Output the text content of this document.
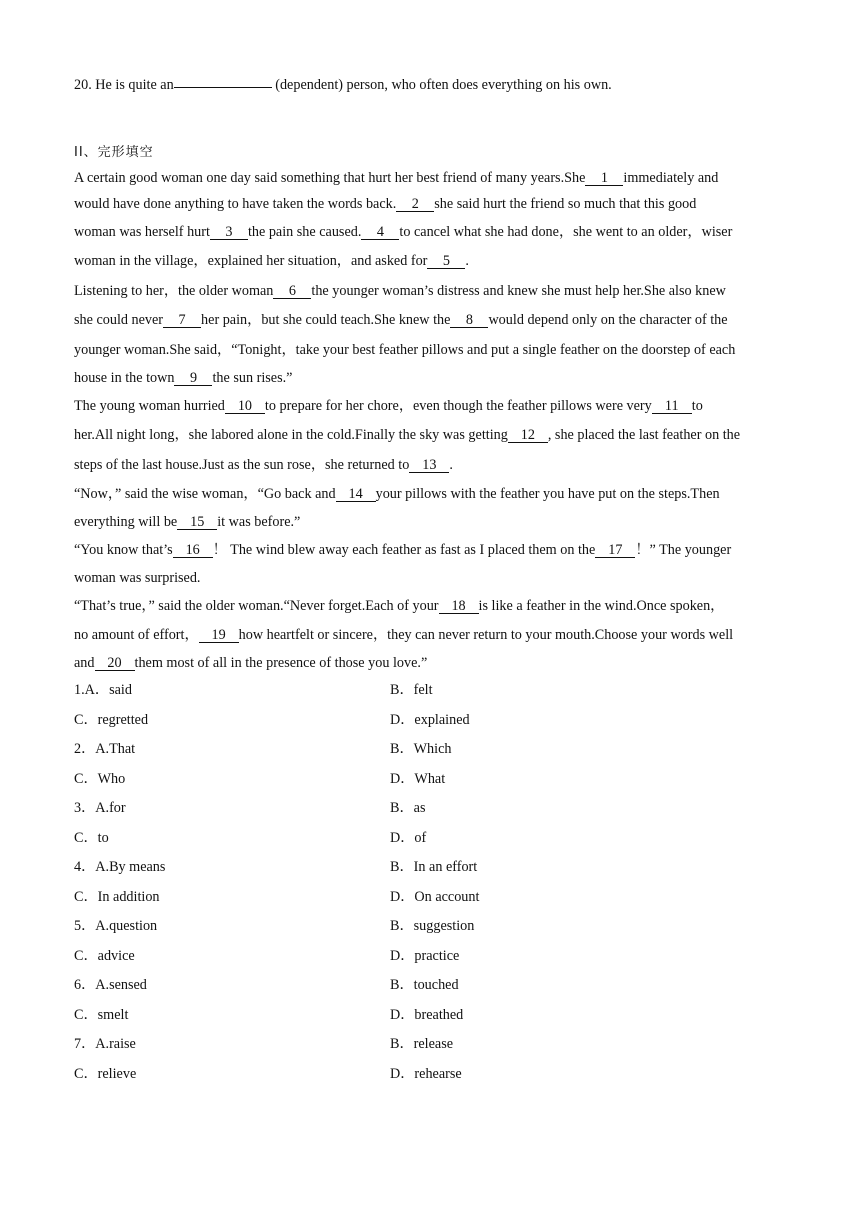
20. He is quite an	(dependent) person, who often does everything on his own.
II、完形填空
A certain good woman one day said something that hurt her best friend of many years.She 1 immediately and
would have done anything to have taken the words back. 2 she said hurt the friend so much that this good
woman was herself hurt 3 the pain she caused. 4 to cancel what she had done，she went to an older，wiser
woman in the village，explained her situation，and asked for 5 .
Listening to her，the older woman 6 the younger woman’s distress and knew she must help her.She also knew
she could never 7 her pain，but she could teach.She knew the 8 would depend only on the character of the
younger woman.She said，“Tonight，take your best feather pillows and put a single feather on the doorstep of each
house in the town 9 the sun rises.”
The young woman hurried 10 to prepare for her chore，even though the feather pillows were very 11 to
her.All night long，she labored alone in the cold.Finally the sky was getting 12 , she placed the last feather on the
steps of the last house.Just as the sun rose，she returned to 13 .
“Now，” said the wise woman，“Go back and 14 your pillows with the feather you have put on the steps.Then
everything will be 15 it was before.”
“You know that’s 16 ！ The wind blew away each feather as fast as I placed them on the 17 ！” The younger
woman was surprised.
“That’s true，” said the older woman.“Never forget.Each of your 18 is like a feather in the wind.Once spoken，
no amount of effort， 19 how heartfelt or sincere，they can never return to your mouth.Choose your words well
and 20 them most of all in the presence of those you love.”
1.A．said	B．felt
C．regretted	D．explained
2．A.That	B．Which
C．Who	D．What
3．A.for	B．as
C．to	D．of
4．A.By means	B．In an effort
C．In addition	D．On account
5．A.question	B．suggestion
C．advice	D．practice
6．A.sensed	B．touched
C．smelt	D．breathed
7．A.raise	B．release
C．relieve	D．rehearse
